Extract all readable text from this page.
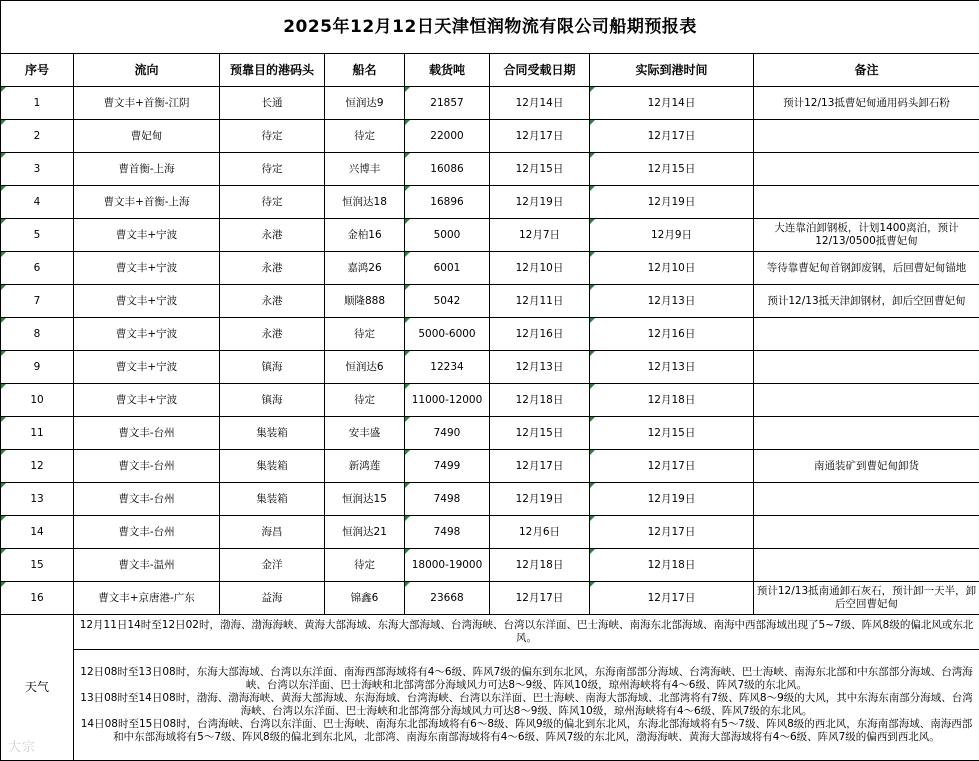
2025年12月12日天津恒润物流有限公司船期预报表							
序号	流向	预靠目的港码头	船名	载货吨	合同受载日期	实际到港时间	备注
1	曹文丰+首衡-江阴	长通	恒润达9	21857	12月14日	12月14日	预计12/13抵曹妃甸通用码头卸石粉
2	曹妃甸	待定	待定	22000	12月17日	12月17日	
3	曹首衡-上海	待定	兴博丰	16086	12月15日	12月15日	
4	曹文丰+首衡-上海	待定	恒润达18	16896	12月19日	12月19日	
5	曹文丰+宁波	永港	金柏16	5000	12月7日	12月9日	大连靠泊卸钢板，计划1400离泊，预计12/13/0500抵曹妃甸
6	曹文丰+宁波	永港	嘉鸿26	6001	12月10日	12月10日	等待靠曹妃甸首钢卸废钢，后回曹妃甸锚地
7	曹文丰+宁波	永港	顺隆888	5042	12月11日	12月13日	预计12/13抵天津卸钢材，卸后空回曹妃甸
8	曹文丰+宁波	永港	待定	5000-6000	12月16日	12月16日	
9	曹文丰+宁波	镇海	恒润达6	12234	12月13日	12月13日	
10	曹文丰+宁波	镇海	待定	11000-12000	12月18日	12月18日	
11	曹文丰-台州	集装箱	安丰盛	7490	12月15日	12月15日	
12	曹文丰-台州	集装箱	新鸿莲	7499	12月17日	12月17日	南通装矿到曹妃甸卸货
13	曹文丰-台州	集装箱	恒润达15	7498	12月19日	12月19日	
14	曹文丰-台州	海昌	恒润达21	7498	12月6日	12月17日	
15	曹文丰-温州	金洋	待定	18000-19000	12月18日	12月18日	
16	曹文丰+京唐港-广东	益海	锦鑫6	23668	12月17日	12月17日	预计12/13抵南通卸石灰石，预计卸一天半，卸后空回曹妃甸
天气	12月11日14时至12日02时，渤海、渤海海峡、黄海大部海域、东海大部海域、台湾海峡、台湾以东洋面、巴士海峡、南海东北部海域、南海中西部海域出现了5~7级、阵风8级的偏北风或东北风。						

	12日08时至13日08时，东海大部海域、台湾以东洋面、南海西部海域将有4～6级、阵风7级的偏东到东北风，东海南部部分海域、台湾海峡、巴士海峡、南海东北部和中东部部分海域、台湾海峡、台湾以东洋面、巴士海峡和北部湾部分海域风力可达8～9级、阵风10级，琼州海峡将有4～6级、阵风7级的东北风。
13日08时至14日08时，渤海、渤海海峡、黄海大部海域、东海海域、台湾海峡、台湾以东洋面、巴士海峡、南海大部海域、北部湾将有7级、阵风8～9级的大风，其中东海东南部分海域、台湾海峡、台湾以东洋面、巴士海峡和北部湾部分海域风力可达8～9级、阵风10级，琼州海峡将有4～6级、阵风7级的东北风。
14日08时至15日08时，台湾海峡、台湾以东洋面、巴士海峡、南海东北部海域将有6～8级、阵风9级的偏北到东北风，东海北部海域将有5～7级、阵风8级的西北风，东海南部海域、南海西部和中东部海域将有5～7级、阵风8级的偏北到东北风，北部湾、南海东南部海域将有4～6级、阵风7级的东北风，渤海海峡、黄海大部海域将有4～6级、阵风7级的偏西到西北风。						
大宗
